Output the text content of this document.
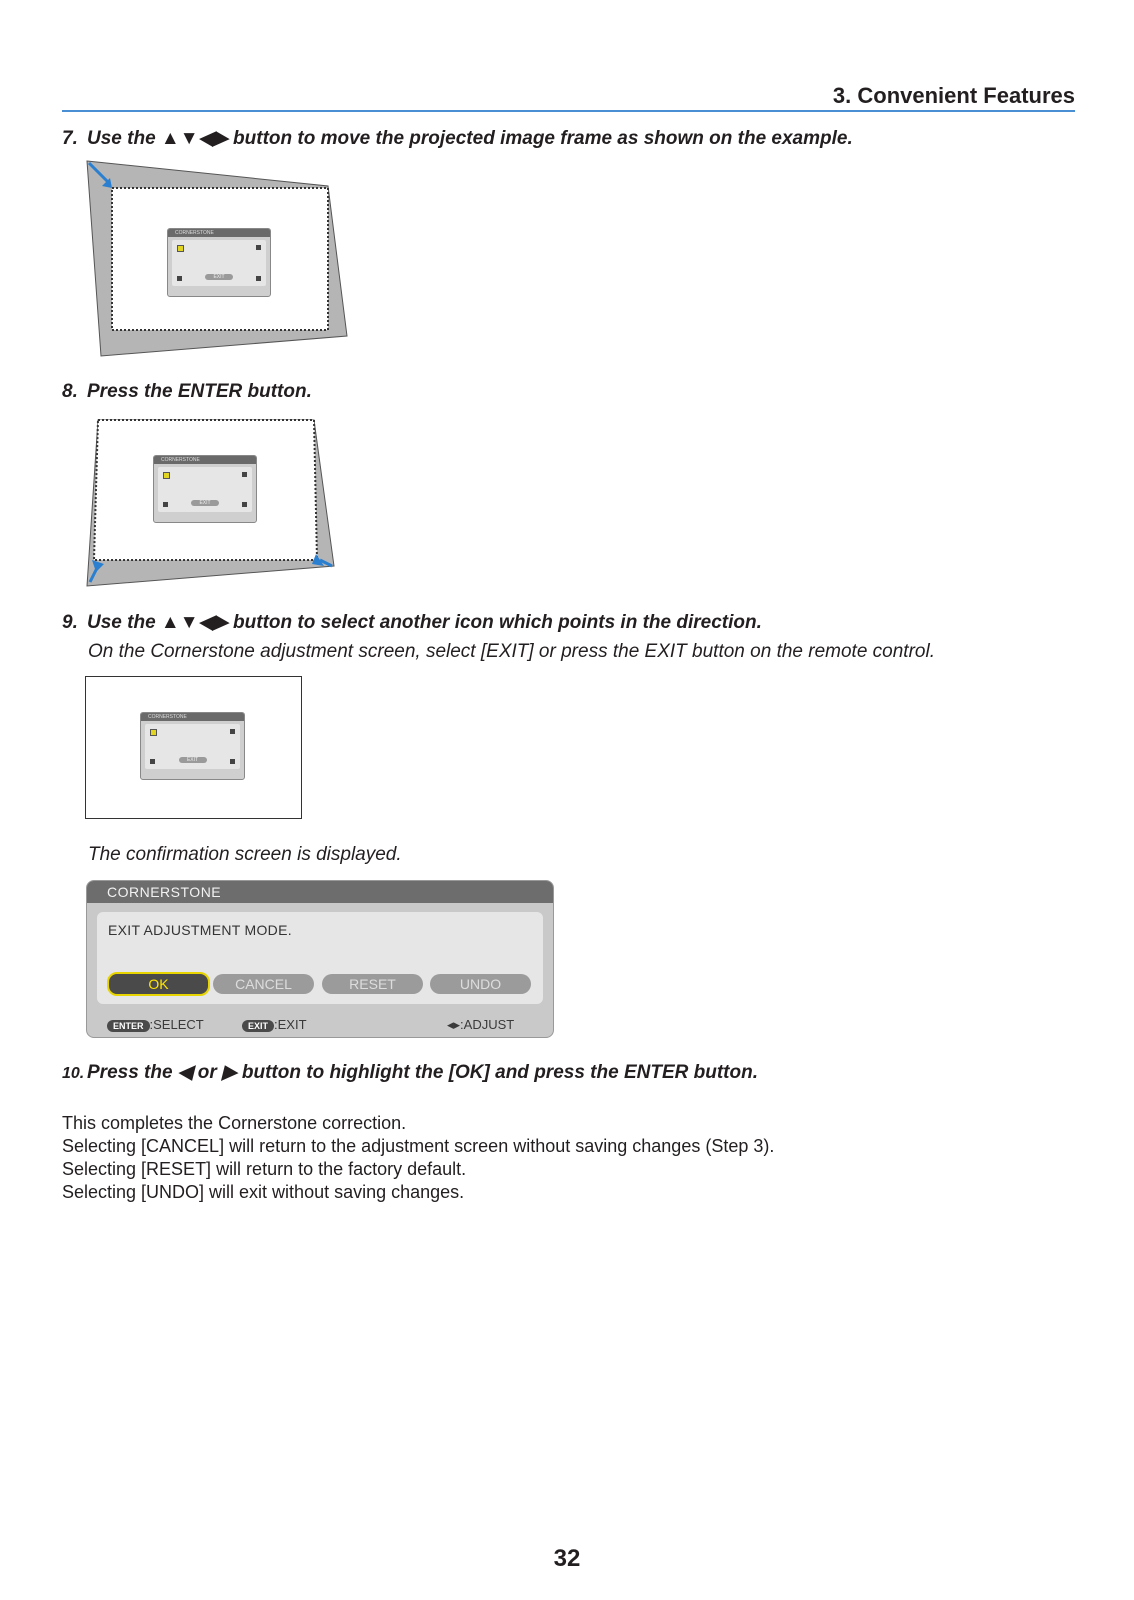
3. Convenient Features
7. Use the ▲▼◀▶ button to move the projected image frame as shown on the example.
CORNERSTONE
EXIT
8. Press the ENTER button.
CORNERSTONE
EXIT
9. Use the ▲▼◀▶ button to select another icon which points in the direction.
On the Cornerstone adjustment screen, select [EXIT] or press the EXIT button on the remote control.
CORNERSTONE
EXIT
The confirmation screen is displayed.
CORNERSTONE
EXIT ADJUSTMENT MODE.
OK	CANCEL	RESET	UNDO
ENTER :SELECT	EXIT :EXIT	◂▸:ADJUST
10. Press the ◀ or ▶ button to highlight the [OK] and press the ENTER button.
This completes the Cornerstone correction.
Selecting [CANCEL] will return to the adjustment screen without saving changes (Step 3).
Selecting [RESET] will return to the factory default.
Selecting [UNDO] will exit without saving changes.
32
